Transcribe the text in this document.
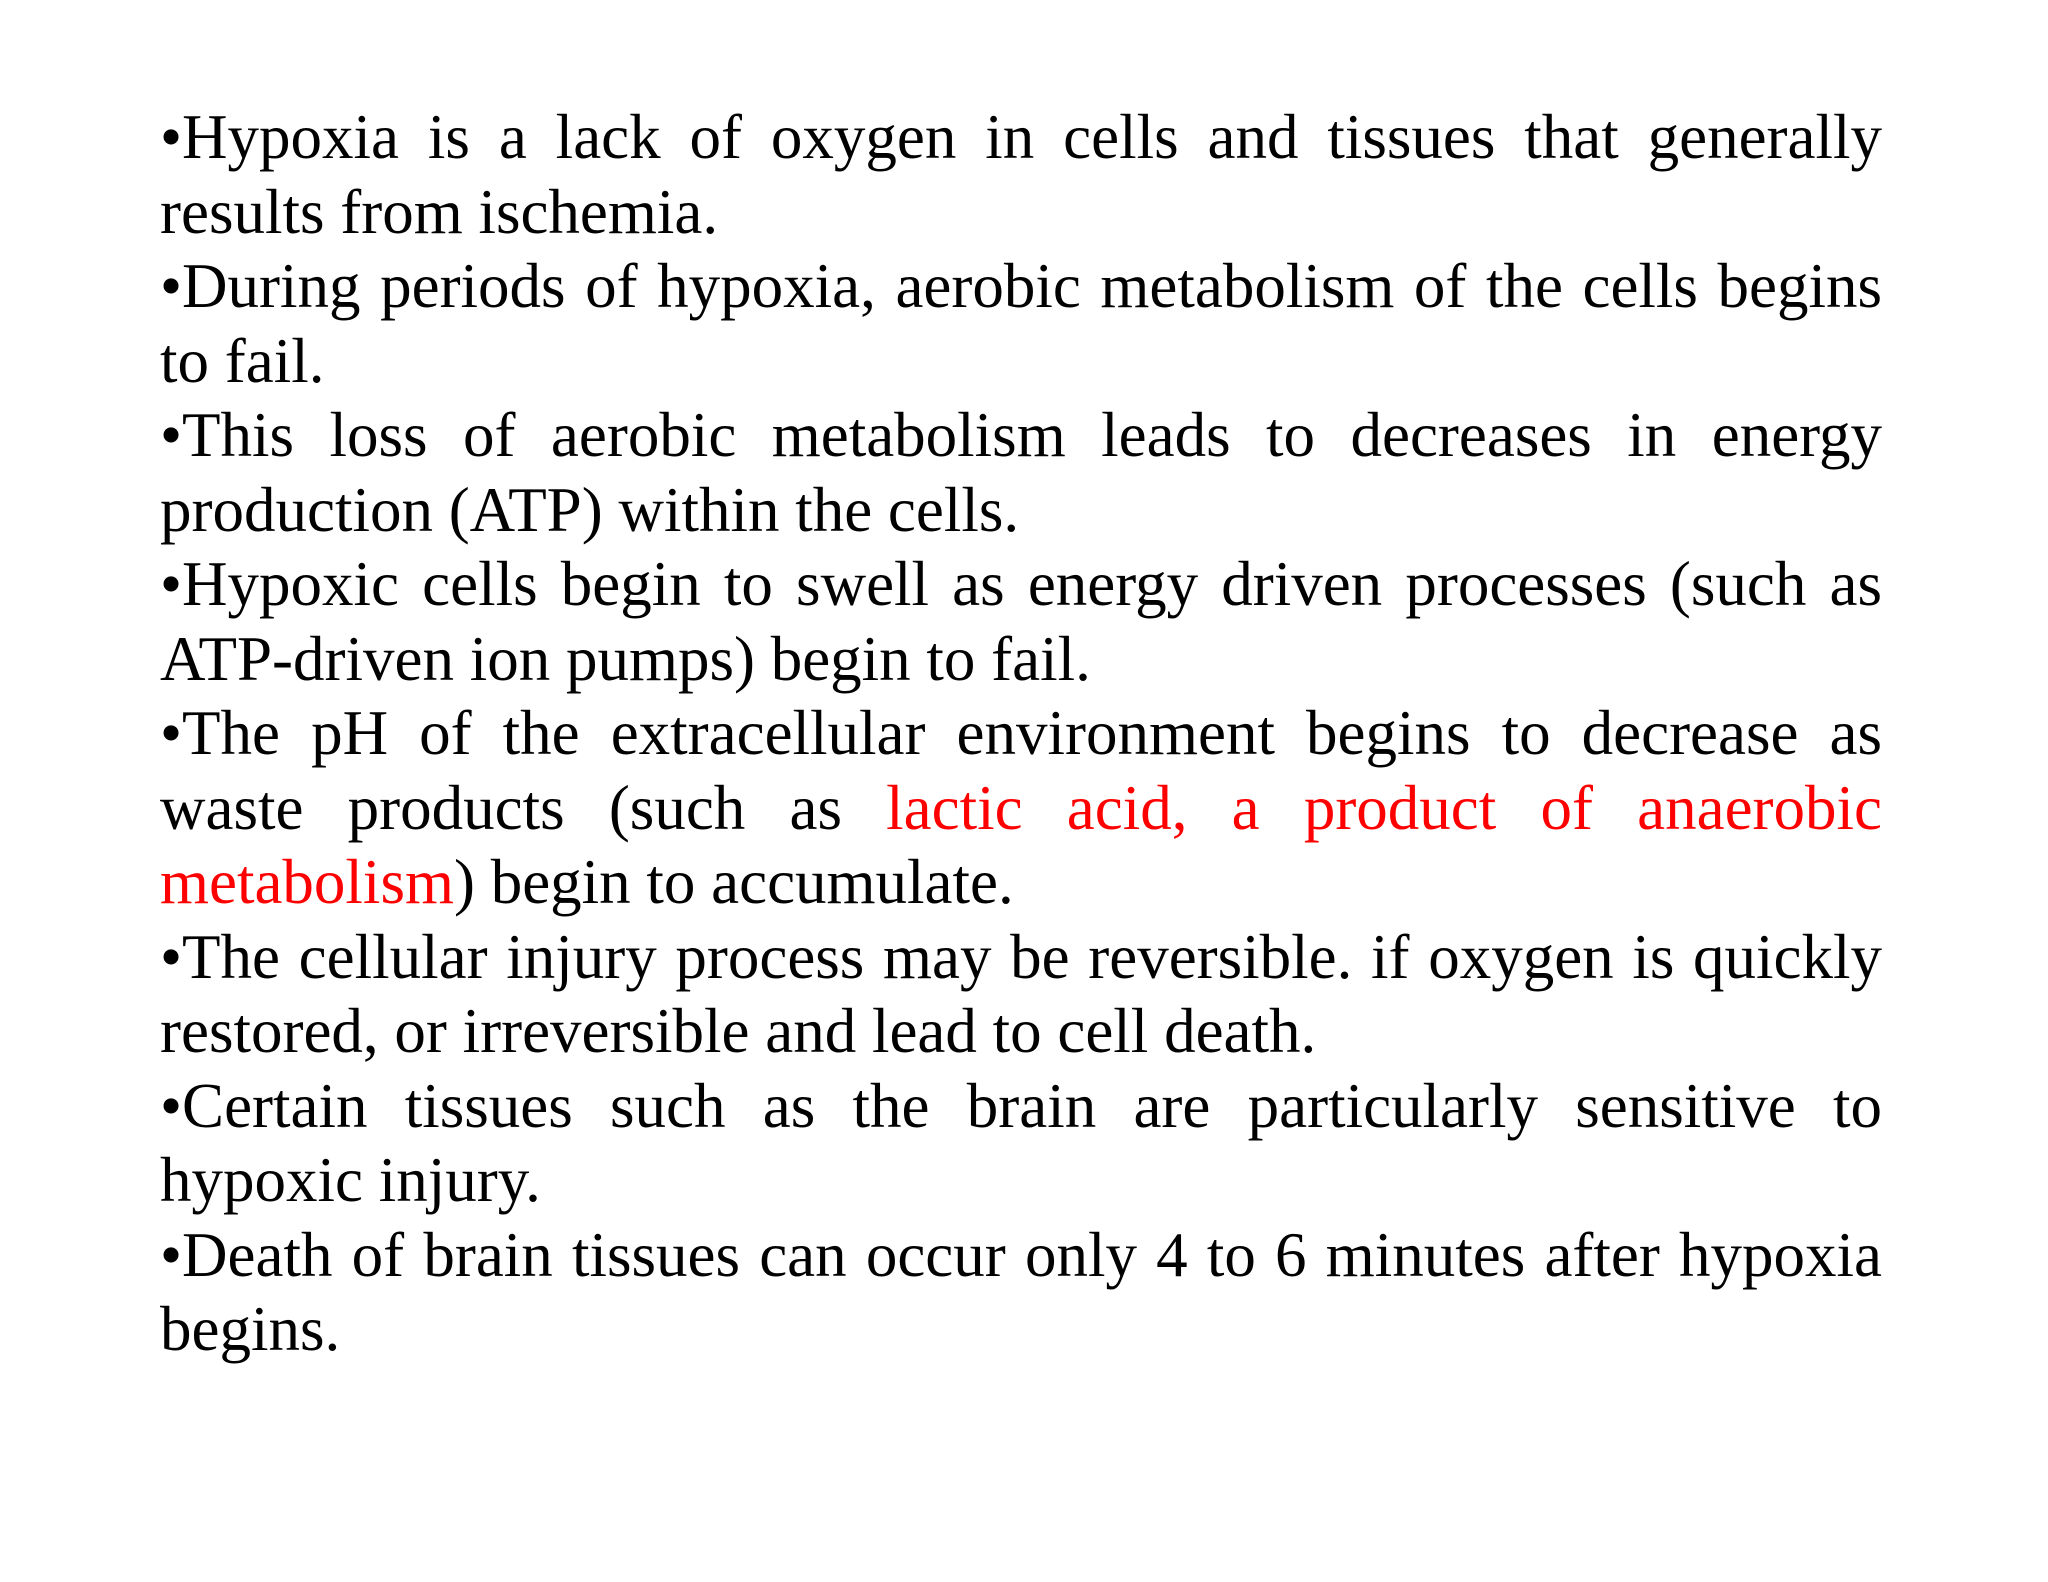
•Hypoxia is a lack of oxygen in cells and tissues that generally results from ischemia.

•During periods of hypoxia, aerobic metabolism of the cells begins to fail.

•This loss of aerobic metabolism leads to decreases in energy production (ATP) within the cells.

•Hypoxic cells begin to swell as energy driven processes (such as ATP-driven ion pumps) begin to fail.

•The pH of the extracellular environment begins to decrease as waste products (such as lactic acid, a product of anaerobic metabolism) begin to accumulate.

•The cellular injury process may be reversible. if oxygen is quickly restored, or irreversible and lead to cell death.

•Certain tissues such as the brain are particularly sensitive to hypoxic injury.

•Death of brain tissues can occur only 4 to 6 minutes after hypoxia begins.
